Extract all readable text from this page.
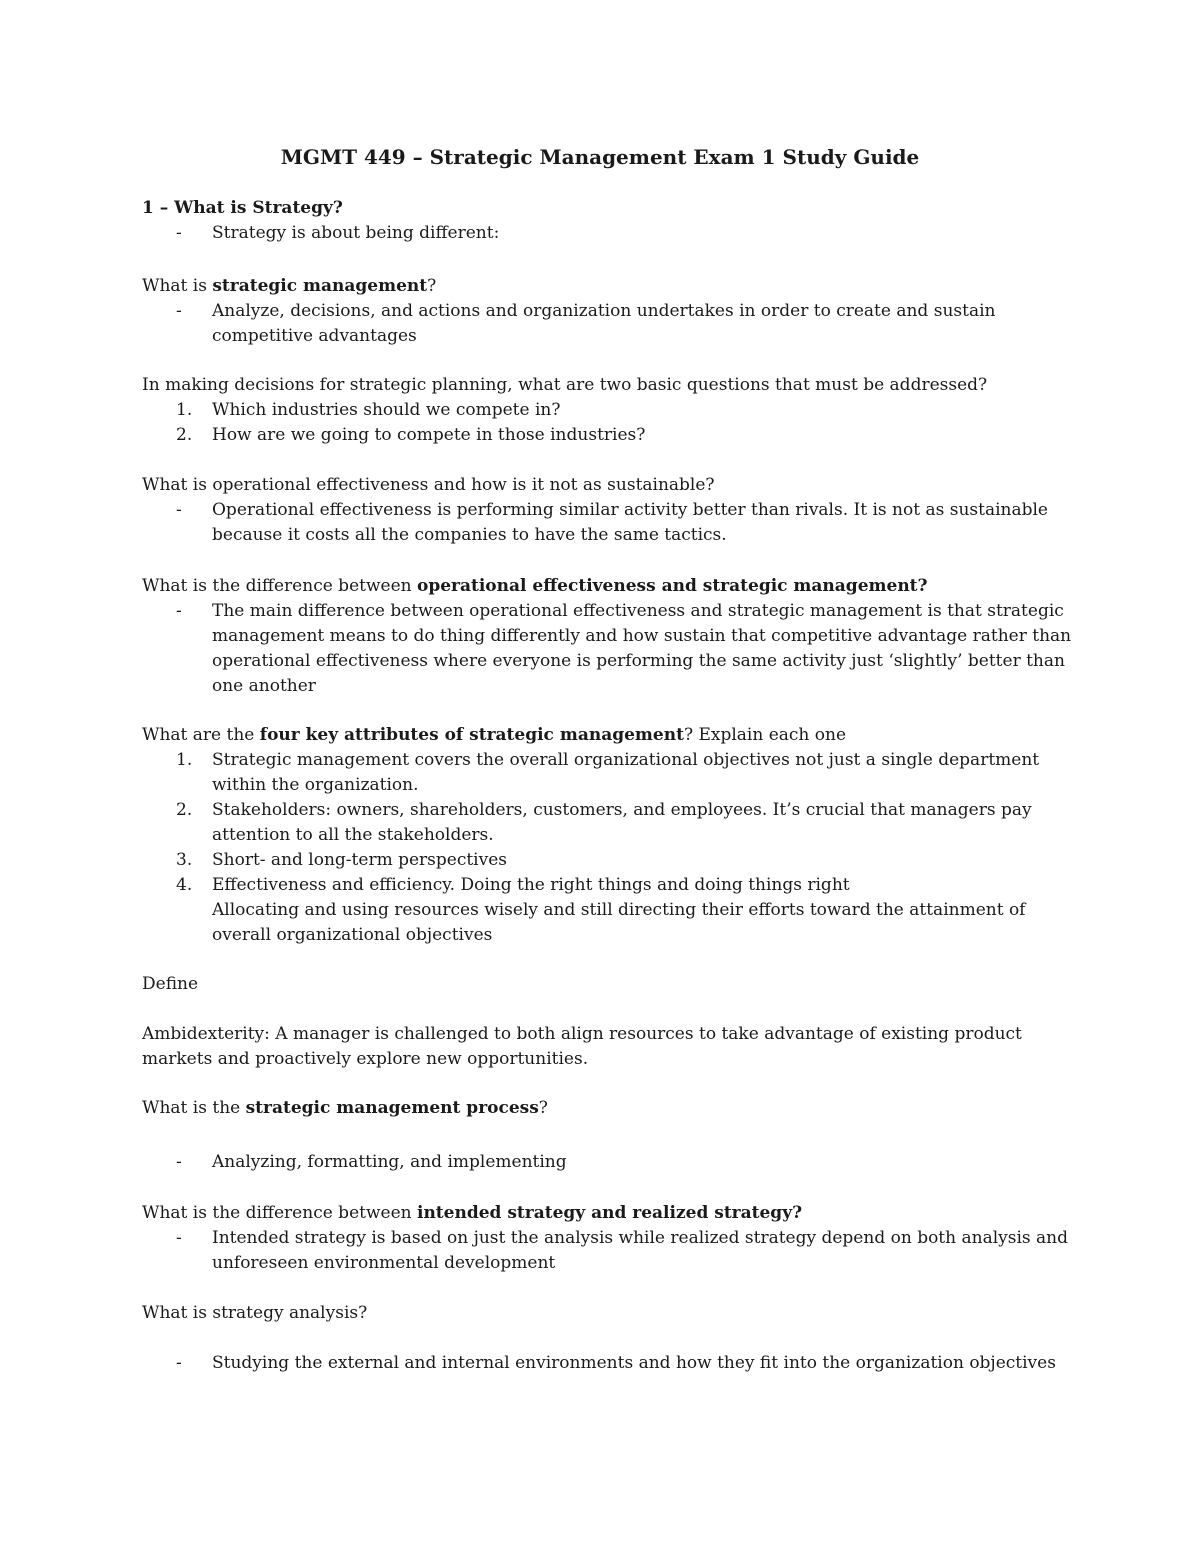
MGMT 449 – Strategic Management Exam 1 Study Guide

1 – What is Strategy?

- Strategy is about being different:

What is strategic management?

- Analyze, decisions, and actions and organization undertakes in order to create and sustain competitive advantages

In making decisions for strategic planning, what are two basic questions that must be addressed?

1. Which industries should we compete in?
2. How are we going to compete in those industries?

What is operational effectiveness and how is it not as sustainable?

- Operational effectiveness is performing similar activity better than rivals. It is not as sustainable because it costs all the companies to have the same tactics.

What is the difference between operational effectiveness and strategic management?

- The main difference between operational effectiveness and strategic management is that strategic management means to do thing differently and how sustain that competitive advantage rather than operational effectiveness where everyone is performing the same activity just ‘slightly’ better than one another

What are the four key attributes of strategic management? Explain each one

1. Strategic management covers the overall organizational objectives not just a single department within the organization.
2. Stakeholders: owners, shareholders, customers, and employees. It’s crucial that managers pay attention to all the stakeholders.
3. Short- and long-term perspectives
4. Effectiveness and efficiency. Doing the right things and doing things right

Allocating and using resources wisely and still directing their efforts toward the attainment of overall organizational objectives

Define

Ambidexterity: A manager is challenged to both align resources to take advantage of existing product markets and proactively explore new opportunities.

What is the strategic management process?

- Analyzing, formatting, and implementing

What is the difference between intended strategy and realized strategy?

- Intended strategy is based on just the analysis while realized strategy depend on both analysis and unforeseen environmental development

What is strategy analysis?

- Studying the external and internal environments and how they fit into the organization objectives
